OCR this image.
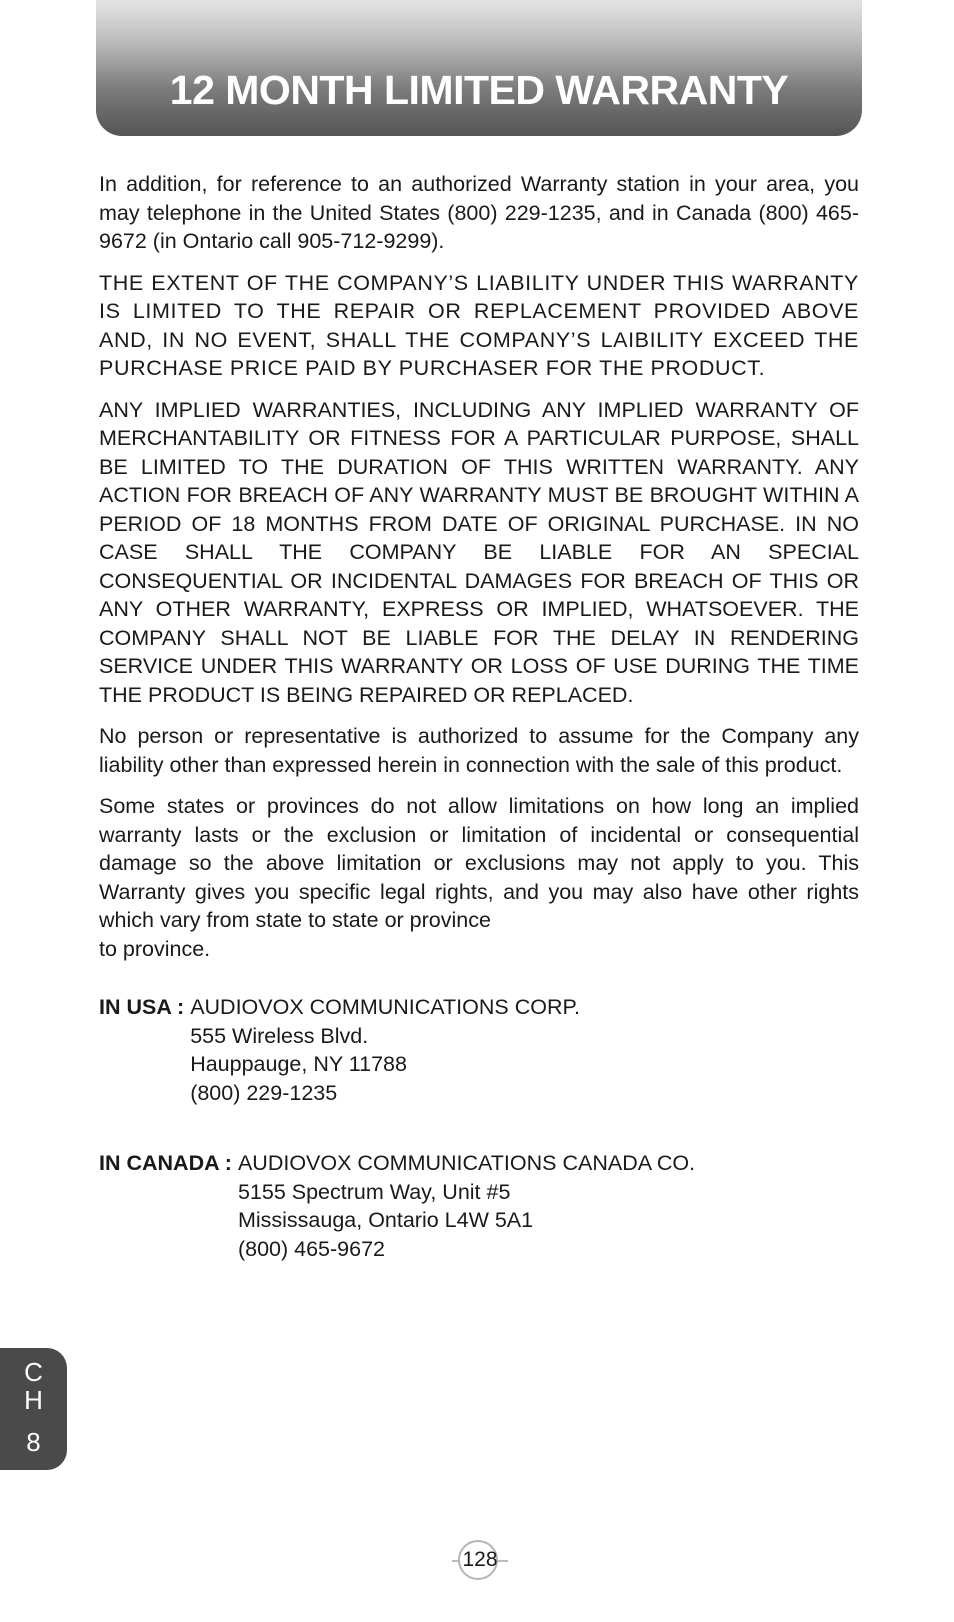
12 MONTH LIMITED WARRANTY

In addition, for reference to an authorized Warranty station in your area, you may telephone in the United States (800) 229-1235, and in Canada (800) 465-9672 (in Ontario call 905-712-9299).

THE EXTENT OF THE COMPANY’S LIABILITY UNDER THIS WARRANTY IS LIMITED TO THE REPAIR OR REPLACEMENT PROVIDED ABOVE AND, IN NO EVENT, SHALL THE COMPANY’S LAIBILITY EXCEED THE PURCHASE PRICE PAID BY PURCHASER FOR THE PRODUCT.

ANY IMPLIED WARRANTIES, INCLUDING ANY IMPLIED WARRANTY OF MERCHANTABILITY OR FITNESS FOR A PARTICULAR PURPOSE, SHALL BE LIMITED TO THE DURATION OF THIS WRITTEN WARRANTY. ANY ACTION FOR BREACH OF ANY WARRANTY MUST BE BROUGHT WITHIN A PERIOD OF 18 MONTHS FROM DATE OF ORIGINAL PURCHASE. IN NO CASE SHALL THE COMPANY BE LIABLE FOR AN SPECIAL CONSEQUENTIAL OR INCIDENTAL DAMAGES FOR BREACH OF THIS OR ANY OTHER WARRANTY, EXPRESS OR IMPLIED, WHATSOEVER. THE COMPANY SHALL NOT BE LIABLE FOR THE DELAY IN RENDERING SERVICE UNDER THIS WARRANTY OR LOSS OF USE DURING THE TIME THE PRODUCT IS BEING REPAIRED OR REPLACED.

No person or representative is authorized to assume for the Company any liability other than expressed herein in connection with the sale of this product.

Some states or provinces do not allow limitations on how long an implied warranty lasts or the exclusion or limitation of incidental or consequential damage so the above limitation or exclusions may not apply to you. This Warranty gives you specific legal rights, and you may also have other rights which vary from state to state or province
to province.

IN USA : AUDIOVOX COMMUNICATIONS CORP.
555 Wireless Blvd.
Hauppauge, NY 11788
(800) 229-1235
IN CANADA : AUDIOVOX COMMUNICATIONS CANADA CO.
5155 Spectrum Way, Unit #5
Mississauga, Ontario L4W 5A1
(800) 465-9672
C
H
8
128
